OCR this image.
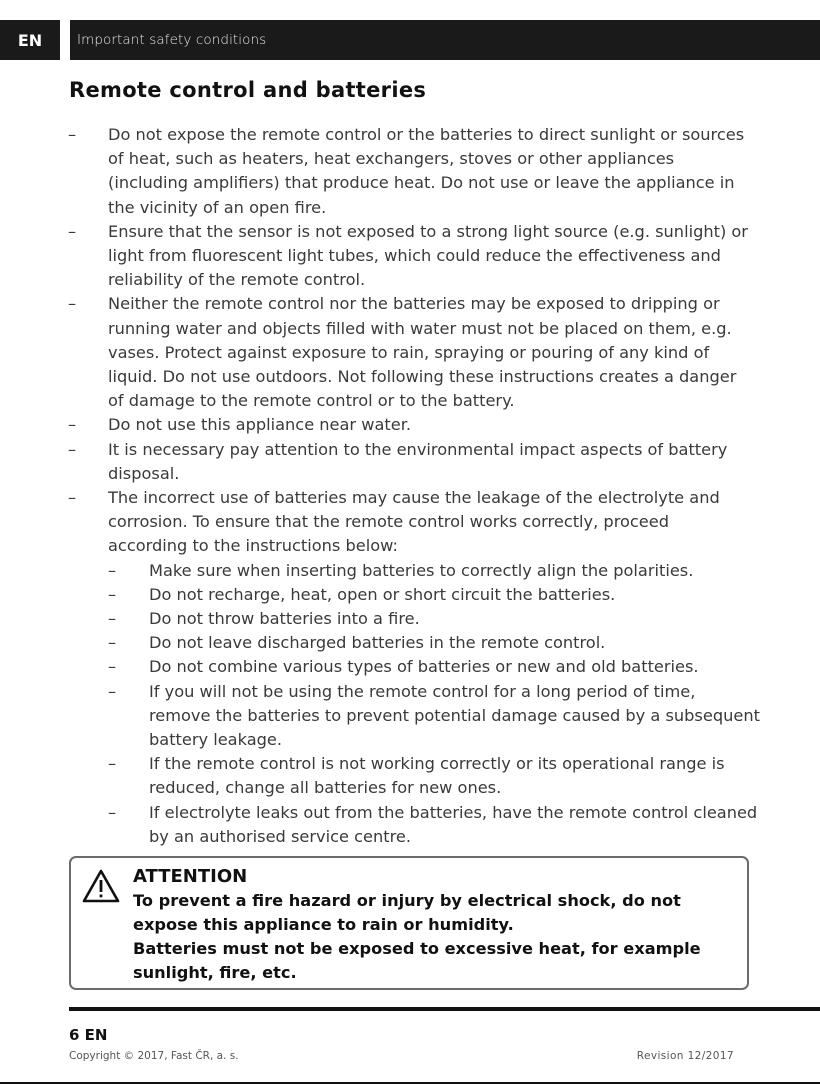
EN	Important safety conditions
Remote control and batteries
– Do not expose the remote control or the batteries to direct sunlight or sources of heat, such as heaters, heat exchangers, stoves or other appliances (including amplifiers) that produce heat. Do not use or leave the appliance in the vicinity of an open fire.
– Ensure that the sensor is not exposed to a strong light source (e.g. sunlight) or light from fluorescent light tubes, which could reduce the effectiveness and reliability of the remote control.
– Neither the remote control nor the batteries may be exposed to dripping or running water and objects filled with water must not be placed on them, e.g. vases. Protect against exposure to rain, spraying or pouring of any kind of liquid. Do not use outdoors. Not following these instructions creates a danger of damage to the remote control or to the battery.
– Do not use this appliance near water.
– It is necessary pay attention to the environmental impact aspects of battery disposal.
– The incorrect use of batteries may cause the leakage of the electrolyte and corrosion. To ensure that the remote control works correctly, proceed according to the instructions below:
– Make sure when inserting batteries to correctly align the polarities.
– Do not recharge, heat, open or short circuit the batteries.
– Do not throw batteries into a fire.
– Do not leave discharged batteries in the remote control.
– Do not combine various types of batteries or new and old batteries.
– If you will not be using the remote control for a long period of time, remove the batteries to prevent potential damage caused by a subsequent battery leakage.
– If the remote control is not working correctly or its operational range is reduced, change all batteries for new ones.
– If electrolyte leaks out from the batteries, have the remote control cleaned by an authorised service centre.
ATTENTION
To prevent a fire hazard or injury by electrical shock, do not expose this appliance to rain or humidity.
Batteries must not be exposed to excessive heat, for example sunlight, fire, etc.
6 EN
Copyright © 2017, Fast ČR, a. s.	Revision 12/2017
